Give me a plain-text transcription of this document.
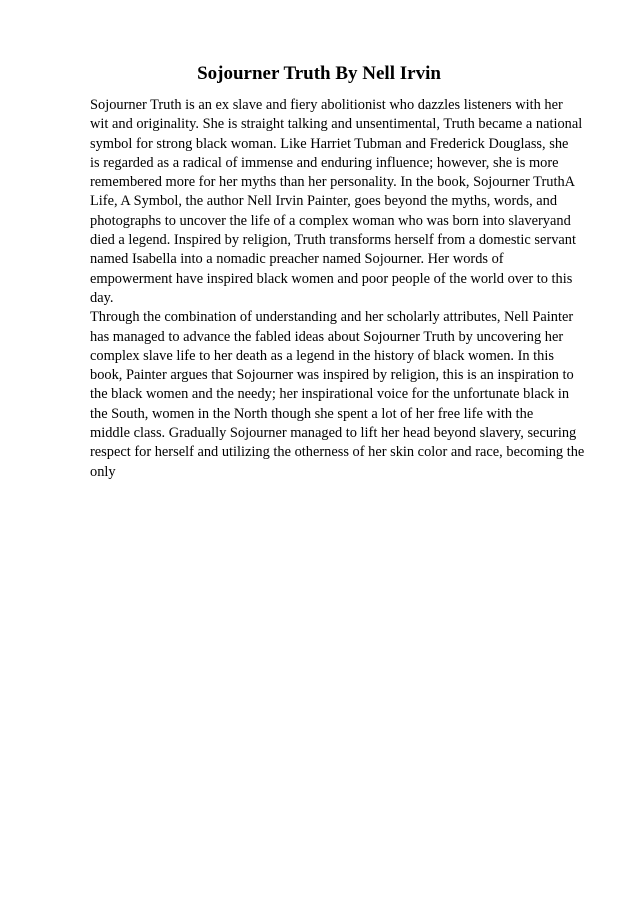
Sojourner Truth By Nell Irvin
Sojourner Truth is an ex slave and fiery abolitionist who dazzles listeners with her
wit and originality. She is straight talking and unsentimental, Truth became a national
symbol for strong black woman. Like Harriet Tubman and Frederick Douglass, she
is regarded as a radical of immense and enduring influence; however, she is more
remembered more for her myths than her personality. In the book, Sojourner TruthA
Life, A Symbol, the author Nell Irvin Painter, goes beyond the myths, words, and
photographs to uncover the life of a complex woman who was born into slaveryand
died a legend. Inspired by religion, Truth transforms herself from a domestic servant
named Isabella into a nomadic preacher named Sojourner. Her words of
empowerment have inspired black women and poor people of the world over to this
day.
Through the combination of understanding and her scholarly attributes, Nell Painter
has managed to advance the fabled ideas about Sojourner Truth by uncovering her
complex slave life to her death as a legend in the history of black women. In this
book, Painter argues that Sojourner was inspired by religion, this is an inspiration to
the black women and the needy; her inspirational voice for the unfortunate black in
the South, women in the North though she spent a lot of her free life with the
middle class. Gradually Sojourner managed to lift her head beyond slavery, securing
respect for herself and utilizing the otherness of her skin color and race, becoming the
only
